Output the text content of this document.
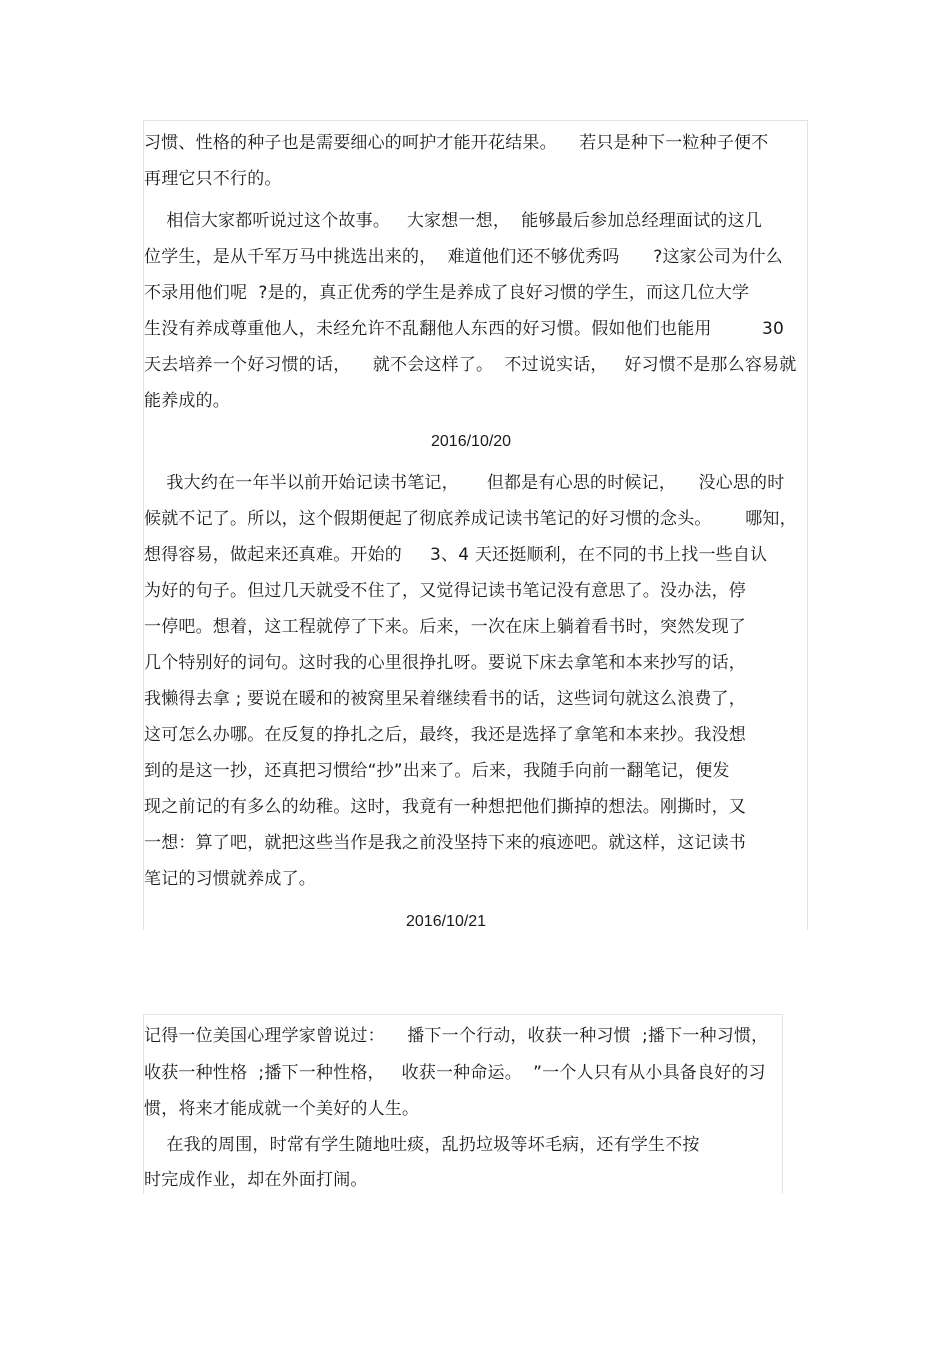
习惯、性格的种子也是需要细心的呵护才能开花结果。    若只是种下一粒种子便不

再理它只不行的。

相信大家都听说过这个故事。   大家想一想，  能够最后参加总经理面试的这几

位学生，是从千军万马中挑选出来的，  难道他们还不够优秀吗      ?这家公司为什么

不录用他们呢  ?是的，真正优秀的学生是养成了良好习惯的学生，而这几位大学

生没有养成尊重他人，未经允许不乱翻他人东西的好习惯。假如他们也能用         30

天去培养一个好习惯的话，    就不会这样了。  不过说实话，   好习惯不是那么容易就

能养成的。

2016/10/20

我大约在一年半以前开始记读书笔记，     但都是有心思的时候记，    没心思的时

候就不记了。所以，这个假期便起了彻底养成记读书笔记的好习惯的念头。      哪知，

想得容易，做起来还真难。开始的     3、4 天还挺顺利，在不同的书上找一些自认

为好的句子。但过几天就受不住了，又觉得记读书笔记没有意思了。没办法，停

一停吧。想着，这工程就停了下来。后来，一次在床上躺着看书时，突然发现了

几个特别好的词句。这时我的心里很挣扎呀。要说下床去拿笔和本来抄写的话，

我懒得去拿 ; 要说在暖和的被窝里呆着继续看书的话，这些词句就这么浪费了，

这可怎么办哪。在反复的挣扎之后，最终，我还是选择了拿笔和本来抄。我没想

到的是这一抄，还真把习惯给“抄”出来了。后来，我随手向前一翻笔记，便发

现之前记的有多么的幼稚。这时，我竟有一种想把他们撕掉的想法。刚撕时，又

一想：算了吧，就把这些当作是我之前没坚持下来的痕迹吧。就这样，这记读书

笔记的习惯就养成了。

2016/10/21

记得一位美国心理学家曾说过：    播下一个行动，收获一种习惯  ;播下一种习惯，

收获一种性格  ;播下一种性格，   收获一种命运。  ”一个人只有从小具备良好的习

惯，将来才能成就一个美好的人生。

在我的周围，时常有学生随地吐痰，乱扔垃圾等坏毛病，还有学生不按

时完成作业，却在外面打闹。
